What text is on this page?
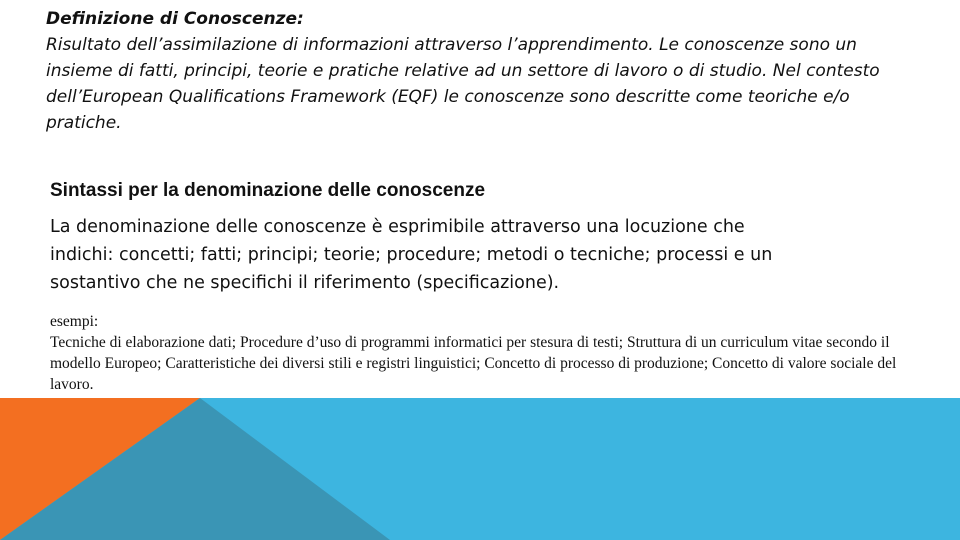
Definizione di Conoscenze:
Risultato dell’assimilazione di informazioni attraverso l’apprendimento. Le conoscenze sono un insieme di fatti, principi, teorie e pratiche relative ad un settore di lavoro o di studio. Nel contesto dell’European Qualifications Framework (EQF) le conoscenze sono descritte come teoriche e/o pratiche.
Sintassi per la denominazione delle conoscenze
La denominazione delle conoscenze è esprimibile attraverso una locuzione che indichi: concetti; fatti; principi; teorie; procedure; metodi o tecniche; processi e un sostantivo che ne specifichi il riferimento (specificazione).
esempi:
Tecniche di elaborazione dati; Procedure d’uso di programmi informatici per stesura di testi; Struttura di un curriculum vitae secondo il modello Europeo; Caratteristiche dei diversi stili e registri linguistici; Concetto di processo di produzione; Concetto di valore sociale del lavoro.
